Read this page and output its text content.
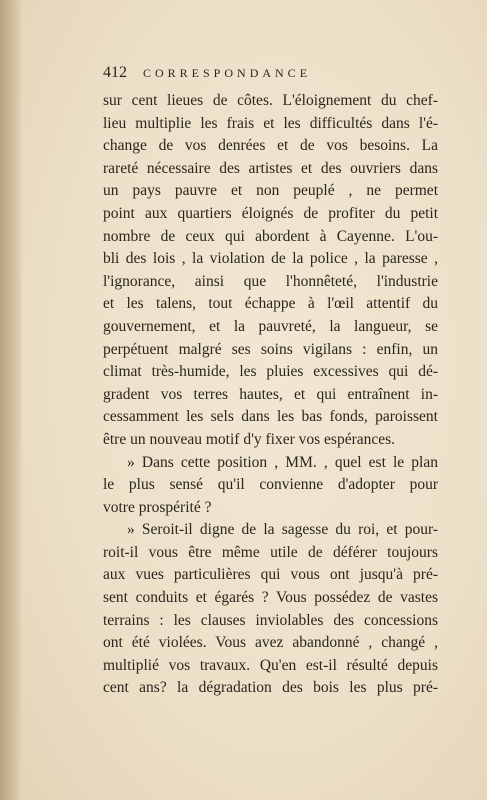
412 CORRESPONDANCE
sur cent lieues de côtes. L'éloignement du chef-
lieu multiplie les frais et les difficultés dans l'é-
change de vos denrées et de vos besoins. La
rareté nécessaire des artistes et des ouvriers dans
un pays pauvre et non peuplé , ne permet
point aux quartiers éloignés de profiter du petit
nombre de ceux qui abordent à Cayenne. L'ou-
bli des lois , la violation de la police , la paresse ,
l'ignorance, ainsi que l'honnêteté, l'industrie
et les talens, tout échappe à l'œil attentif du
gouvernement, et la pauvreté, la langueur, se
perpétuent malgré ses soins vigilans : enfin, un
climat très-humide, les pluies excessives qui dé-
gradent vos terres hautes, et qui entraînent in-
cessamment les sels dans les bas fonds, paroissent
être un nouveau motif d'y fixer vos espérances.
» Dans cette position , MM. , quel est le plan
le plus sensé qu'il convienne d'adopter pour
votre prospérité ?
» Seroit-il digne de la sagesse du roi, et pour-
roit-il vous être même utile de déférer toujours
aux vues particulières qui vous ont jusqu'à pré-
sent conduits et égarés ? Vous possédez de vastes
terrains : les clauses inviolables des concessions
ont été violées. Vous avez abandonné , changé ,
multiplié vos travaux. Qu'en est-il résulté depuis
cent ans? la dégradation des bois les plus pré-
